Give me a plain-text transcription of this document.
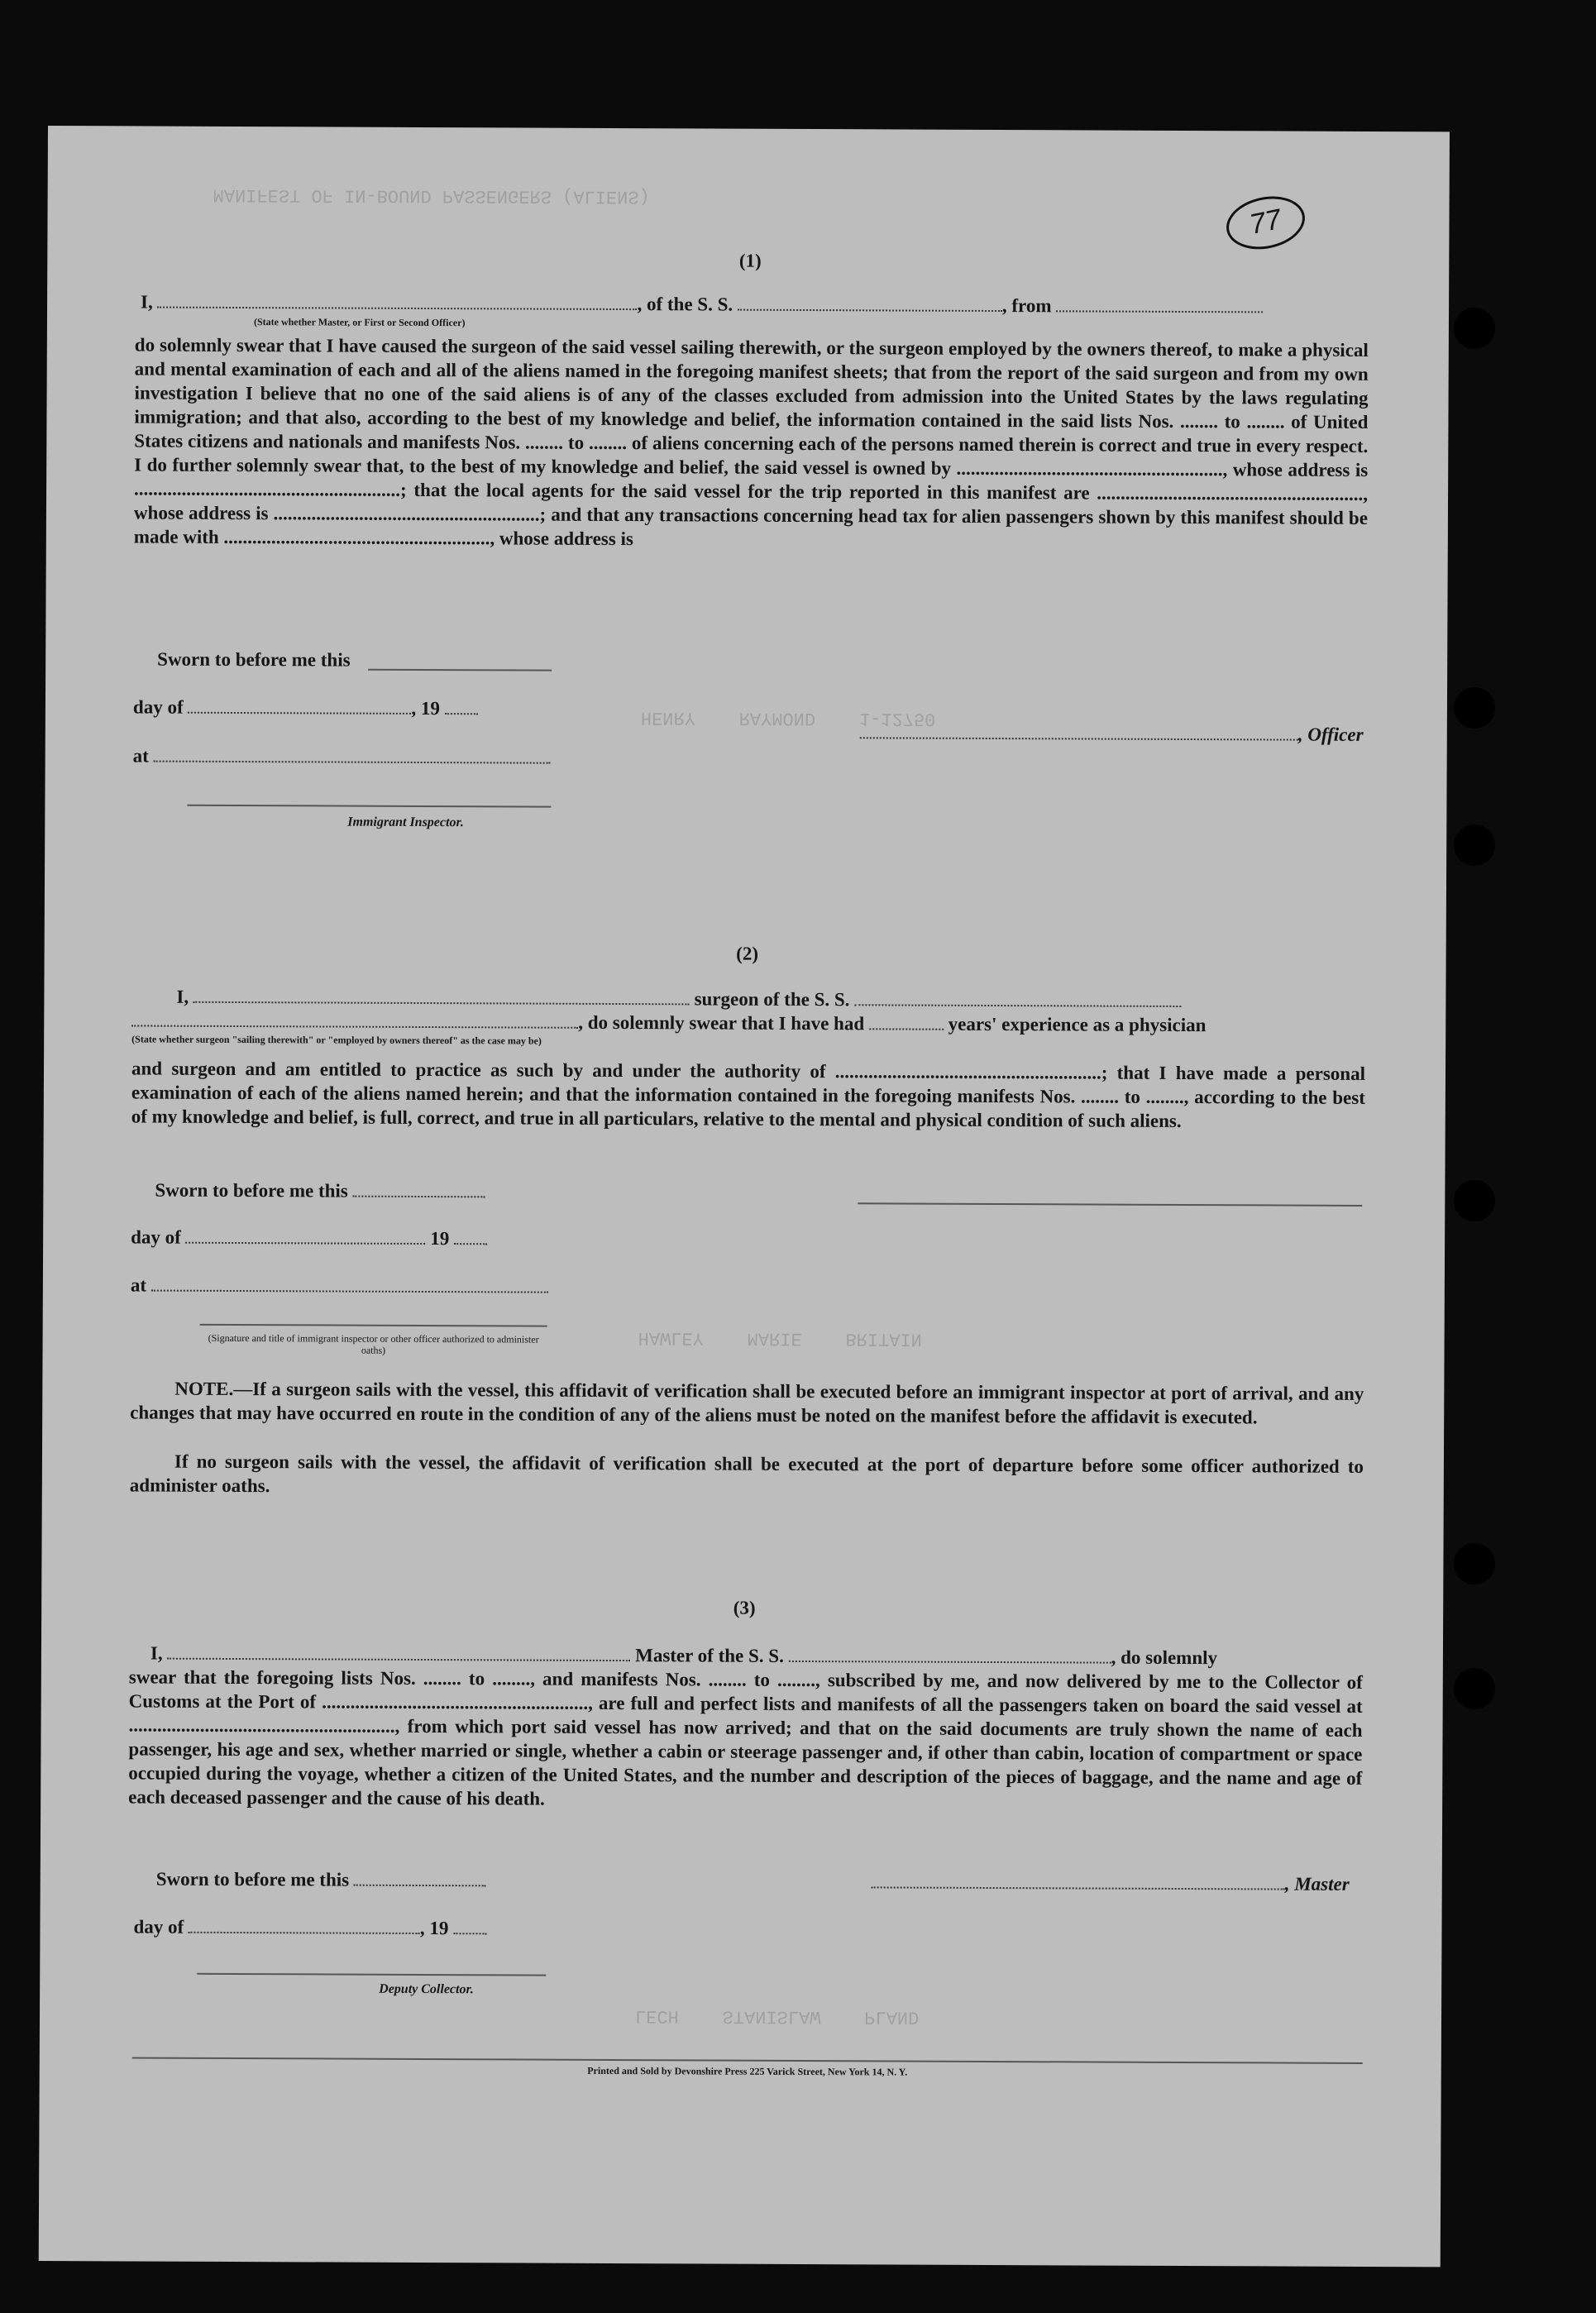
MANIFEST OF IN-BOUND PASSENGERS (ALIENS)
HENRY    RAYMOND    1-12750
HAWLEY    MARIE    BRITAIN
LECH    STANISLAW    PLAND
77
(1)
I,	, of the S. S.	, from
(State whether Master, or First or Second Officer)
do solemnly swear that I have caused the surgeon of the said vessel sailing therewith, or the surgeon employed by the owners thereof, to make a physical and mental examination of each and all of the aliens named in the foregoing manifest sheets; that from the report of the said surgeon and from my own investigation I believe that no one of the said aliens is of any of the classes excluded from admission into the United States by the laws regulating immigration; and that also, according to the best of my knowledge and belief, the information contained in the said lists Nos. ........ to ........ of United States citizens and nationals and manifests Nos. ........ to ........ of aliens concerning each of the persons named therein is correct and true in every respect. I do further solemnly swear that, to the best of my knowledge and belief, the said vessel is owned by ........................................................, whose address is ........................................................; that the local agents for the said vessel for the trip reported in this manifest are ........................................................, whose address is ........................................................; and that any transactions concerning head tax for alien passengers shown by this manifest should be made with ........................................................, whose address is
Sworn to before me this
day of	, 19
at
, Officer
Immigrant Inspector.
(2)
I,	surgeon of the S. S.
, do solemnly swear that I have had	years' experience as a physician
(State whether surgeon "sailing therewith" or "employed by owners thereof" as the case may be)
and surgeon and am entitled to practice as such by and under the authority of ........................................................; that I have made a personal examination of each of the aliens named herein; and that the information contained in the foregoing manifests Nos. ........ to ........, according to the best of my knowledge and belief, is full, correct, and true in all particulars, relative to the mental and physical condition of such aliens.
Sworn to before me this
day of	19
at
(Signature and title of immigrant inspector or other officer authorized to administer oaths)
NOTE.—If a surgeon sails with the vessel, this affidavit of verification shall be executed before an immigrant inspector at port of arrival, and any changes that may have occurred en route in the condition of any of the aliens must be noted on the manifest before the affidavit is executed.
If no surgeon sails with the vessel, the affidavit of verification shall be executed at the port of departure before some officer authorized to administer oaths.
(3)
I,	Master of the S. S.	, do solemnly
swear that the foregoing lists Nos. ........ to ........, and manifests Nos. ........ to ........, subscribed by me, and now delivered by me to the Collector of Customs at the Port of ........................................................, are full and perfect lists and manifests of all the passengers taken on board the said vessel at ........................................................, from which port said vessel has now arrived; and that on the said documents are truly shown the name of each passenger, his age and sex, whether married or single, whether a cabin or steerage passenger and, if other than cabin, location of compartment or space occupied during the voyage, whether a citizen of the United States, and the number and description of the pieces of baggage, and the name and age of each deceased passenger and the cause of his death.
Sworn to before me this	, Master
day of	, 19
Deputy Collector.
Printed and Sold by Devonshire Press 225 Varick Street, New York 14, N. Y.
